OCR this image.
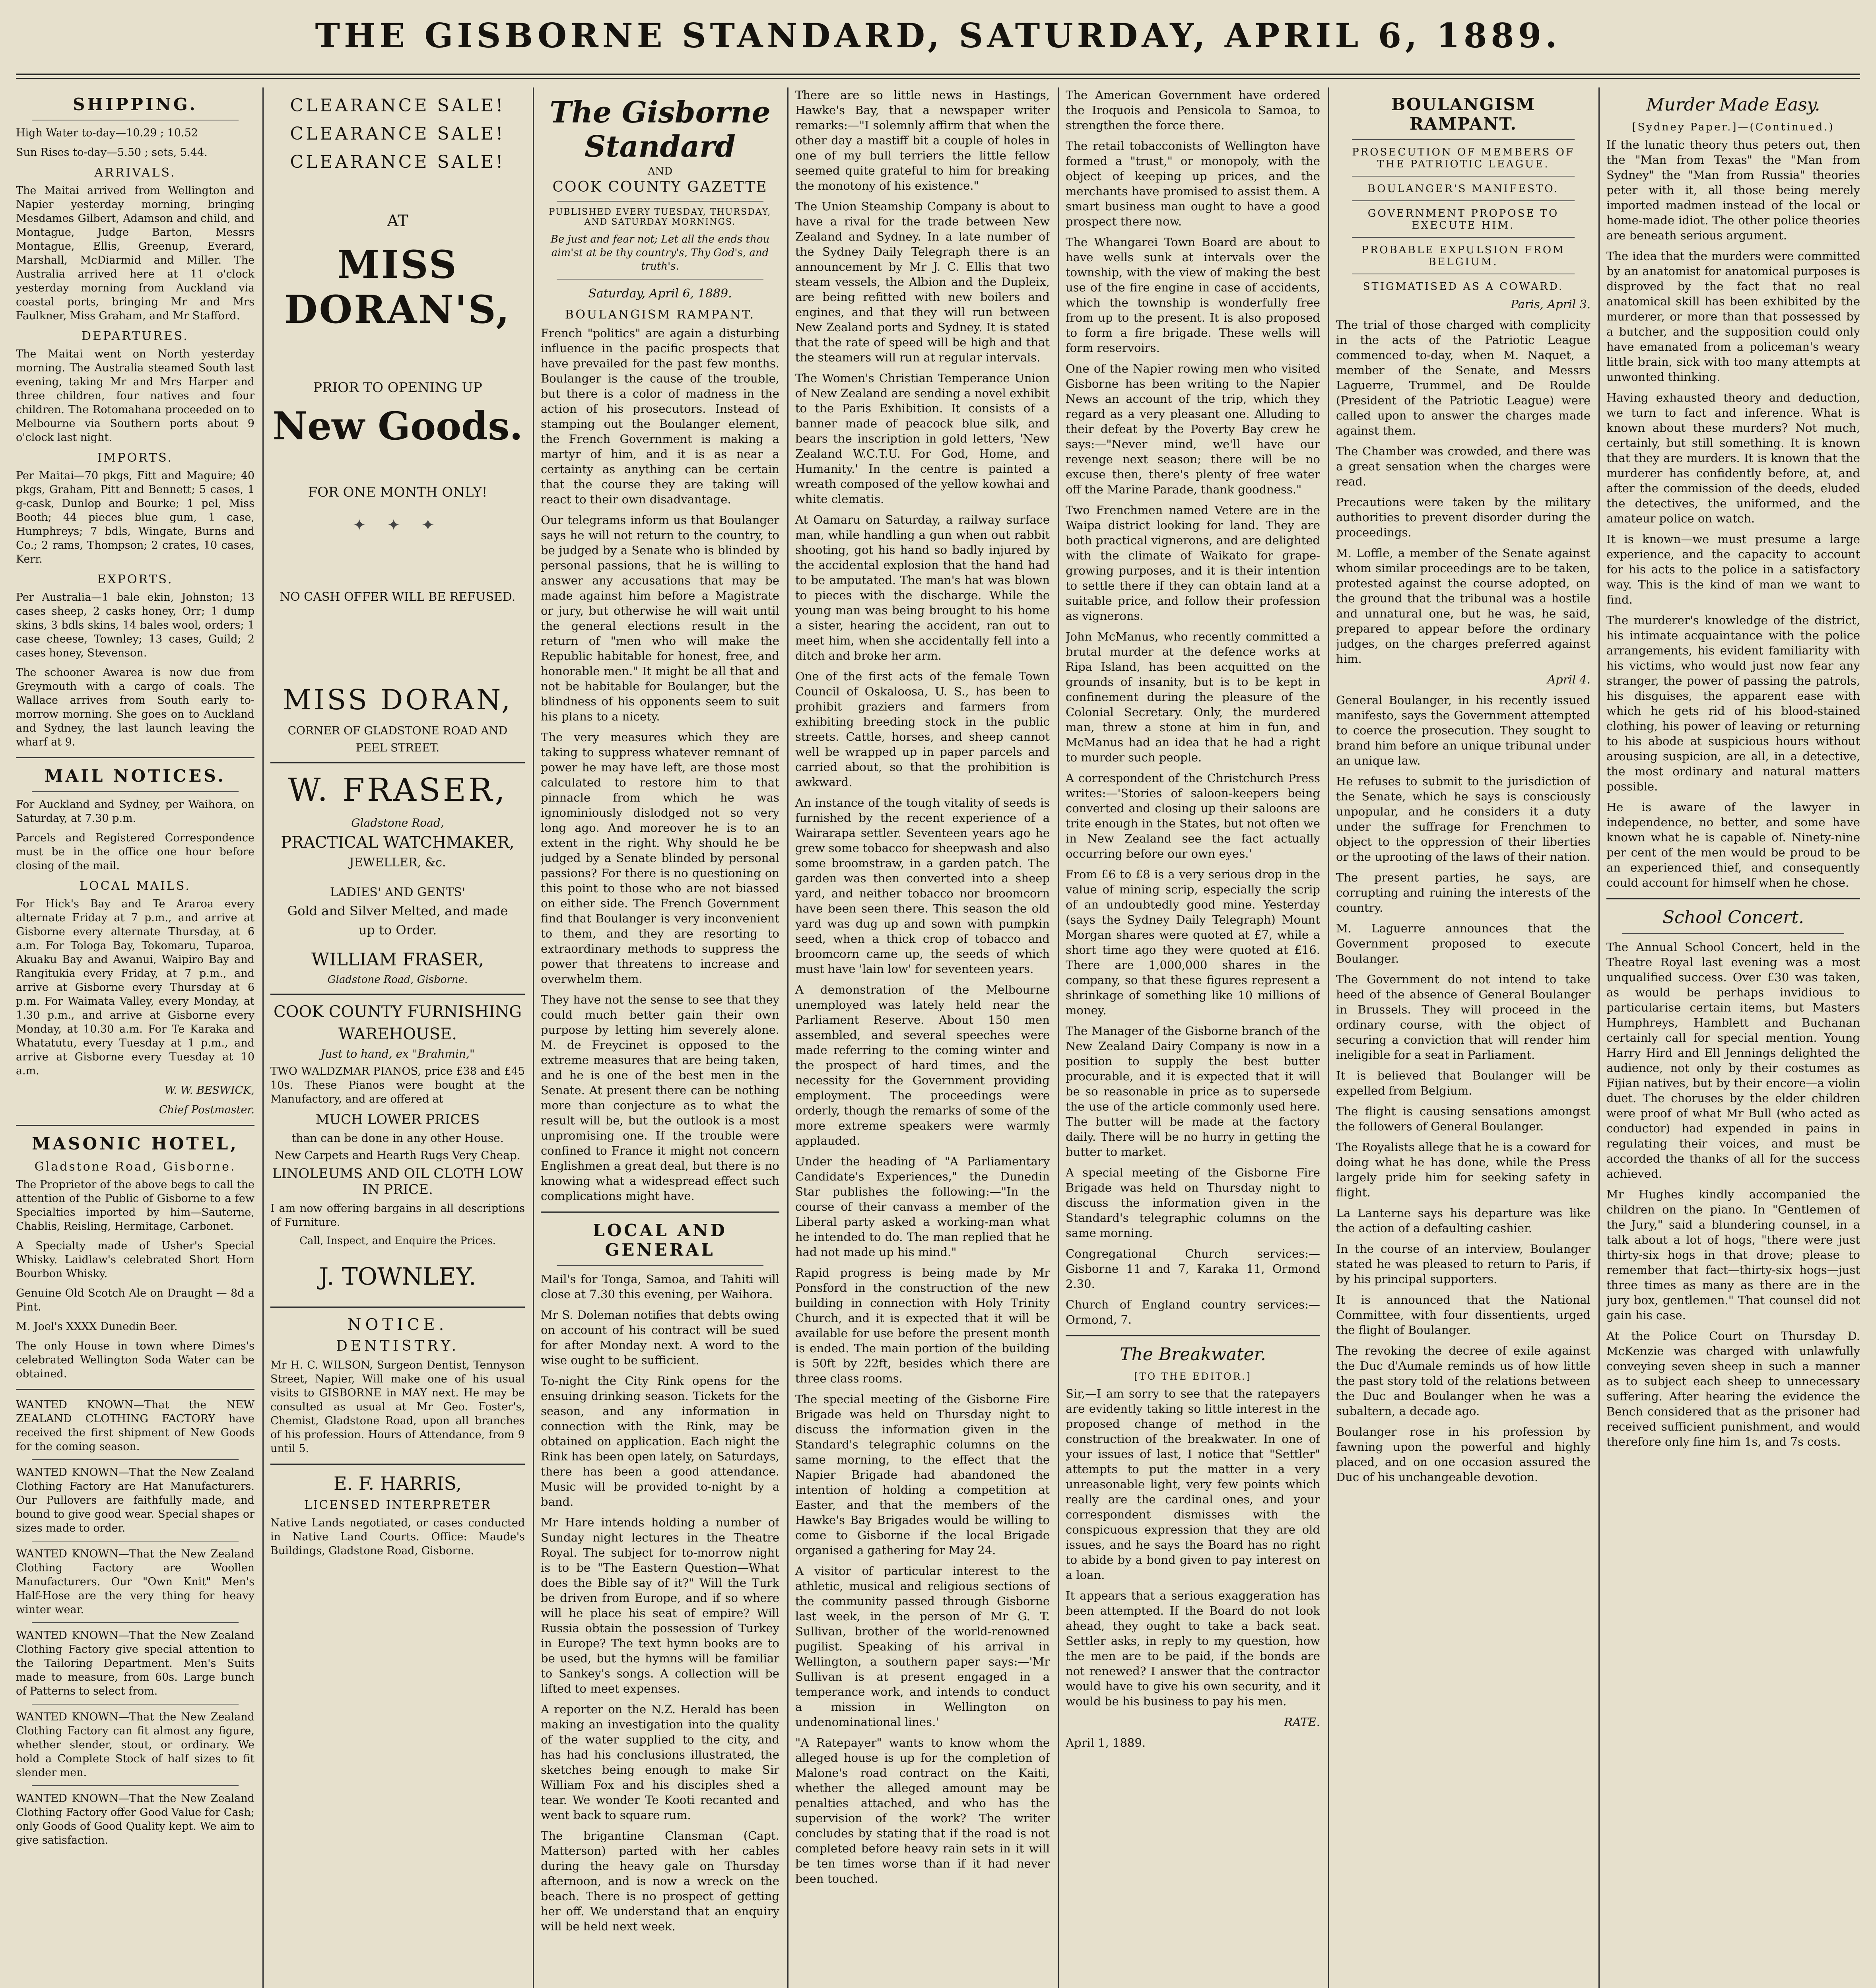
THE GISBORNE STANDARD, SATURDAY, APRIL 6, 1889.
SHIPPING.

High Water to-day—10.29 ; 10.52

Sun Rises to-day—5.50 ; sets, 5.44.

ARRIVALS.

The Maitai arrived from Wellington and Napier yesterday morning, bringing Mesdames Gilbert, Adamson and child, and Montague, Judge Barton, Messrs Montague, Ellis, Greenup, Everard, Marshall, McDiarmid and Miller. The Australia arrived here at 11 o'clock yesterday morning from Auckland via coastal ports, bringing Mr and Mrs Faulkner, Miss Graham, and Mr Stafford.

DEPARTURES.

The Maitai went on North yesterday morning. The Australia steamed South last evening, taking Mr and Mrs Harper and three children, four natives and four children. The Rotomahana proceeded on to Melbourne via Southern ports about 9 o'clock last night.

IMPORTS.

Per Maitai—70 pkgs, Fitt and Maguire; 40 pkgs, Graham, Pitt and Bennett; 5 cases, 1 g-cask, Dunlop and Bourke; 1 pel, Miss Booth; 44 pieces blue gum, 1 case, Humphreys; 7 bdls, Wingate, Burns and Co.; 2 rams, Thompson; 2 crates, 10 cases, Kerr.

EXPORTS.

Per Australia—1 bale ekin, Johnston; 13 cases sheep, 2 casks honey, Orr; 1 dump skins, 3 bdls skins, 14 bales wool, orders; 1 case cheese, Townley; 13 cases, Guild; 2 cases honey, Stevenson.

The schooner Awarea is now due from Greymouth with a cargo of coals. The Wallace arrives from South early to-morrow morning. She goes on to Auckland and Sydney, the last launch leaving the wharf at 9.

MAIL NOTICES.

For Auckland and Sydney, per Waihora, on Saturday, at 7.30 p.m.

Parcels and Registered Correspondence must be in the office one hour before closing of the mail.

LOCAL MAILS.

For Hick's Bay and Te Araroa every alternate Friday at 7 p.m., and arrive at Gisborne every alternate Thursday, at 6 a.m. For Tologa Bay, Tokomaru, Tuparoa, Akuaku Bay and Awanui, Waipiro Bay and Rangitukia every Friday, at 7 p.m., and arrive at Gisborne every Thursday at 6 p.m. For Waimata Valley, every Monday, at 1.30 p.m., and arrive at Gisborne every Monday, at 10.30 a.m. For Te Karaka and Whatatutu, every Tuesday at 1 p.m., and arrive at Gisborne every Tuesday at 10 a.m.

W. W. BESWICK,

Chief Postmaster.

MASONIC HOTEL,
Gladstone Road, Gisborne.

The Proprietor of the above begs to call the attention of the Public of Gisborne to a few Specialties imported by him—Sauterne, Chablis, Reisling, Hermitage, Carbonet.

A Specialty made of Usher's Special Whisky. Laidlaw's celebrated Short Horn Bourbon Whisky.

Genuine Old Scotch Ale on Draught — 8d a Pint.

M. Joel's XXXX Dunedin Beer.

The only House in town where Dimes's celebrated Wellington Soda Water can be obtained.

WANTED KNOWN—That the NEW ZEALAND CLOTHING FACTORY have received the first shipment of New Goods for the coming season.

WANTED KNOWN—That the New Zealand Clothing Factory are Hat Manufacturers. Our Pullovers are faithfully made, and bound to give good wear. Special shapes or sizes made to order.

WANTED KNOWN—That the New Zealand Clothing Factory are Woollen Manufacturers. Our "Own Knit" Men's Half-Hose are the very thing for heavy winter wear.

WANTED KNOWN—That the New Zealand Clothing Factory give special attention to the Tailoring Department. Men's Suits made to measure, from 60s. Large bunch of Patterns to select from.

WANTED KNOWN—That the New Zealand Clothing Factory can fit almost any figure, whether slender, stout, or ordinary. We hold a Complete Stock of half sizes to fit slender men.

WANTED KNOWN—That the New Zealand Clothing Factory offer Good Value for Cash; only Goods of Good Quality kept. We aim to give satisfaction.

CLEARANCE SALE!
CLEARANCE SALE!
CLEARANCE SALE!
AT
MISS DORAN'S,
PRIOR TO OPENING UP
New Goods.
FOR ONE MONTH ONLY!
✦ ✦ ✦
NO CASH OFFER WILL BE REFUSED.
MISS DORAN,
CORNER OF GLADSTONE ROAD AND
PEEL STREET.
W. FRASER,
Gladstone Road,
PRACTICAL WATCHMAKER,
JEWELLER, &c.
LADIES' AND GENTS'
Gold and Silver Melted, and made
up to Order.
WILLIAM FRASER,
Gladstone Road, Gisborne.
COOK COUNTY FURNISHING
WAREHOUSE.
Just to hand, ex "Brahmin,"

TWO WALDZMAR PIANOS, price £38 and £45 10s. These Pianos were bought at the Manufactory, and are offered at

MUCH LOWER PRICES
than can be done in any other House.
New Carpets and Hearth Rugs Very Cheap.
LINOLEUMS AND OIL CLOTH LOW IN PRICE.

I am now offering bargains in all descriptions of Furniture.

Call, Inspect, and Enquire the Prices.
J. TOWNLEY.
NOTICE.
DENTISTRY.

Mr H. C. WILSON, Surgeon Dentist, Tennyson Street, Napier, Will make one of his usual visits to GISBORNE in MAY next. He may be consulted as usual at Mr Geo. Foster's, Chemist, Gladstone Road, upon all branches of his profession. Hours of Attendance, from 9 until 5.

E. F. HARRIS,
LICENSED INTERPRETER

Native Lands negotiated, or cases conducted in Native Land Courts. Office: Maude's Buildings, Gladstone Road, Gisborne.

The Gisborne Standard
AND
COOK COUNTY GAZETTE
PUBLISHED EVERY TUESDAY, THURSDAY, AND SATURDAY MORNINGS.
Be just and fear not; Let all the ends thou aim'st at be thy country's, Thy God's, and truth's.
Saturday, April 6, 1889.
BOULANGISM RAMPANT.

French "politics" are again a disturbing influence in the pacific prospects that have prevailed for the past few months. Boulanger is the cause of the trouble, but there is a color of madness in the action of his prosecutors. Instead of stamping out the Boulanger element, the French Government is making a martyr of him, and it is as near a certainty as anything can be certain that the course they are taking will react to their own disadvantage.

Our telegrams inform us that Boulanger says he will not return to the country, to be judged by a Senate who is blinded by personal passions, that he is willing to answer any accusations that may be made against him before a Magistrate or jury, but otherwise he will wait until the general elections result in the return of "men who will make the Republic habitable for honest, free, and honorable men." It might be all that and not be habitable for Boulanger, but the blindness of his opponents seem to suit his plans to a nicety.

The very measures which they are taking to suppress whatever remnant of power he may have left, are those most calculated to restore him to that pinnacle from which he was ignominiously dislodged not so very long ago. And moreover he is to an extent in the right. Why should he be judged by a Senate blinded by personal passions? For there is no questioning on this point to those who are not biassed on either side. The French Government find that Boulanger is very inconvenient to them, and they are resorting to extraordinary methods to suppress the power that threatens to increase and overwhelm them.

They have not the sense to see that they could much better gain their own purpose by letting him severely alone. M. de Freycinet is opposed to the extreme measures that are being taken, and he is one of the best men in the Senate. At present there can be nothing more than conjecture as to what the result will be, but the outlook is a most unpromising one. If the trouble were confined to France it might not concern Englishmen a great deal, but there is no knowing what a widespread effect such complications might have.

LOCAL AND GENERAL

Mail's for Tonga, Samoa, and Tahiti will close at 7.30 this evening, per Waihora.

Mr S. Doleman notifies that debts owing on account of his contract will be sued for after Monday next. A word to the wise ought to be sufficient.

To-night the City Rink opens for the ensuing drinking season. Tickets for the season, and any information in connection with the Rink, may be obtained on application. Each night the Rink has been open lately, on Saturdays, there has been a good attendance. Music will be provided to-night by a band.

Mr Hare intends holding a number of Sunday night lectures in the Theatre Royal. The subject for to-morrow night is to be "The Eastern Question—What does the Bible say of it?" Will the Turk be driven from Europe, and if so where will he place his seat of empire? Will Russia obtain the possession of Turkey in Europe? The text hymn books are to be used, but the hymns will be familiar to Sankey's songs. A collection will be lifted to meet expenses.

A reporter on the N.Z. Herald has been making an investigation into the quality of the water supplied to the city, and has had his conclusions illustrated, the sketches being enough to make Sir William Fox and his disciples shed a tear. We wonder Te Kooti recanted and went back to square rum.

The brigantine Clansman (Capt. Matterson) parted with her cables during the heavy gale on Thursday afternoon, and is now a wreck on the beach. There is no prospect of getting her off. We understand that an enquiry will be held next week.

There are so little news in Hastings, Hawke's Bay, that a newspaper writer remarks:—"I solemnly affirm that when the other day a mastiff bit a couple of holes in one of my bull terriers the little fellow seemed quite grateful to him for breaking the monotony of his existence."

The Union Steamship Company is about to have a rival for the trade between New Zealand and Sydney. In a late number of the Sydney Daily Telegraph there is an announcement by Mr J. C. Ellis that two steam vessels, the Albion and the Dupleix, are being refitted with new boilers and engines, and that they will run between New Zealand ports and Sydney. It is stated that the rate of speed will be high and that the steamers will run at regular intervals.

The Women's Christian Temperance Union of New Zealand are sending a novel exhibit to the Paris Exhibition. It consists of a banner made of peacock blue silk, and bears the inscription in gold letters, 'New Zealand W.C.T.U. For God, Home, and Humanity.' In the centre is painted a wreath composed of the yellow kowhai and white clematis.

At Oamaru on Saturday, a railway surface man, while handling a gun when out rabbit shooting, got his hand so badly injured by the accidental explosion that the hand had to be amputated. The man's hat was blown to pieces with the discharge. While the young man was being brought to his home a sister, hearing the accident, ran out to meet him, when she accidentally fell into a ditch and broke her arm.

One of the first acts of the female Town Council of Oskaloosa, U. S., has been to prohibit graziers and farmers from exhibiting breeding stock in the public streets. Cattle, horses, and sheep cannot well be wrapped up in paper parcels and carried about, so that the prohibition is awkward.

An instance of the tough vitality of seeds is furnished by the recent experience of a Wairarapa settler. Seventeen years ago he grew some tobacco for sheepwash and also some broomstraw, in a garden patch. The garden was then converted into a sheep yard, and neither tobacco nor broomcorn have been seen there. This season the old yard was dug up and sown with pumpkin seed, when a thick crop of tobacco and broomcorn came up, the seeds of which must have 'lain low' for seventeen years.

A demonstration of the Melbourne unemployed was lately held near the Parliament Reserve. About 150 men assembled, and several speeches were made referring to the coming winter and the prospect of hard times, and the necessity for the Government providing employment. The proceedings were orderly, though the remarks of some of the more extreme speakers were warmly applauded.

Under the heading of "A Parliamentary Candidate's Experiences," the Dunedin Star publishes the following:—"In the course of their canvass a member of the Liberal party asked a working-man what he intended to do. The man replied that he had not made up his mind."

Rapid progress is being made by Mr Ponsford in the construction of the new building in connection with Holy Trinity Church, and it is expected that it will be available for use before the present month is ended. The main portion of the building is 50ft by 22ft, besides which there are three class rooms.

The special meeting of the Gisborne Fire Brigade was held on Thursday night to discuss the information given in the Standard's telegraphic columns on the same morning, to the effect that the Napier Brigade had abandoned the intention of holding a competition at Easter, and that the members of the Hawke's Bay Brigades would be willing to come to Gisborne if the local Brigade organised a gathering for May 24.

A visitor of particular interest to the athletic, musical and religious sections of the community passed through Gisborne last week, in the person of Mr G. T. Sullivan, brother of the world-renowned pugilist. Speaking of his arrival in Wellington, a southern paper says:—'Mr Sullivan is at present engaged in a temperance work, and intends to conduct a mission in Wellington on undenominational lines.'

"A Ratepayer" wants to know whom the alleged house is up for the completion of Malone's road contract on the Kaiti, whether the alleged amount may be penalties attached, and who has the supervision of the work? The writer concludes by stating that if the road is not completed before heavy rain sets in it will be ten times worse than if it had never been touched.

The American Government have ordered the Iroquois and Pensicola to Samoa, to strengthen the force there.

The retail tobacconists of Wellington have formed a "trust," or monopoly, with the object of keeping up prices, and the merchants have promised to assist them. A smart business man ought to have a good prospect there now.

The Whangarei Town Board are about to have wells sunk at intervals over the township, with the view of making the best use of the fire engine in case of accidents, which the township is wonderfully free from up to the present. It is also proposed to form a fire brigade. These wells will form reservoirs.

One of the Napier rowing men who visited Gisborne has been writing to the Napier News an account of the trip, which they regard as a very pleasant one. Alluding to their defeat by the Poverty Bay crew he says:—"Never mind, we'll have our revenge next season; there will be no excuse then, there's plenty of free water off the Marine Parade, thank goodness."

Two Frenchmen named Vetere are in the Waipa district looking for land. They are both practical vignerons, and are delighted with the climate of Waikato for grape-growing purposes, and it is their intention to settle there if they can obtain land at a suitable price, and follow their profession as vignerons.

John McManus, who recently committed a brutal murder at the defence works at Ripa Island, has been acquitted on the grounds of insanity, but is to be kept in confinement during the pleasure of the Colonial Secretary. Only, the murdered man, threw a stone at him in fun, and McManus had an idea that he had a right to murder such people.

A correspondent of the Christchurch Press writes:—'Stories of saloon-keepers being converted and closing up their saloons are trite enough in the States, but not often we in New Zealand see the fact actually occurring before our own eyes.'

From £6 to £8 is a very serious drop in the value of mining scrip, especially the scrip of an undoubtedly good mine. Yesterday (says the Sydney Daily Telegraph) Mount Morgan shares were quoted at £7, while a short time ago they were quoted at £16. There are 1,000,000 shares in the company, so that these figures represent a shrinkage of something like 10 millions of money.

The Manager of the Gisborne branch of the New Zealand Dairy Company is now in a position to supply the best butter procurable, and it is expected that it will be so reasonable in price as to supersede the use of the article commonly used here. The butter will be made at the factory daily. There will be no hurry in getting the butter to market.

A special meeting of the Gisborne Fire Brigade was held on Thursday night to discuss the information given in the Standard's telegraphic columns on the same morning.

Congregational Church services:—Gisborne 11 and 7, Karaka 11, Ormond 2.30.

Church of England country services:—Ormond, 7.

The Breakwater.
[TO THE EDITOR.]

Sir,—I am sorry to see that the ratepayers are evidently taking so little interest in the proposed change of method in the construction of the breakwater. In one of your issues of last, I notice that "Settler" attempts to put the matter in a very unreasonable light, very few points which really are the cardinal ones, and your correspondent dismisses with the conspicuous expression that they are old issues, and he says the Board has no right to abide by a bond given to pay interest on a loan.

It appears that a serious exaggeration has been attempted. If the Board do not look ahead, they ought to take a back seat. Settler asks, in reply to my question, how the men are to be paid, if the bonds are not renewed? I answer that the contractor would have to give his own security, and it would be his business to pay his men.

RATE.

April 1, 1889.

BOULANGISM RAMPANT.
PROSECUTION OF MEMBERS OF THE PATRIOTIC LEAGUE.
BOULANGER'S MANIFESTO.
GOVERNMENT PROPOSE TO EXECUTE HIM.
PROBABLE EXPULSION FROM BELGIUM.
STIGMATISED AS A COWARD.

Paris, April 3.

The trial of those charged with complicity in the acts of the Patriotic League commenced to-day, when M. Naquet, a member of the Senate, and Messrs Laguerre, Trummel, and De Roulde (President of the Patriotic League) were called upon to answer the charges made against them.

The Chamber was crowded, and there was a great sensation when the charges were read.

Precautions were taken by the military authorities to prevent disorder during the proceedings.

M. Loffle, a member of the Senate against whom similar proceedings are to be taken, protested against the course adopted, on the ground that the tribunal was a hostile and unnatural one, but he was, he said, prepared to appear before the ordinary judges, on the charges preferred against him.

April 4.

General Boulanger, in his recently issued manifesto, says the Government attempted to coerce the prosecution. They sought to brand him before an unique tribunal under an unique law.

He refuses to submit to the jurisdiction of the Senate, which he says is consciously unpopular, and he considers it a duty under the suffrage for Frenchmen to object to the oppression of their liberties or the uprooting of the laws of their nation.

The present parties, he says, are corrupting and ruining the interests of the country.

M. Laguerre announces that the Government proposed to execute Boulanger.

The Government do not intend to take heed of the absence of General Boulanger in Brussels. They will proceed in the ordinary course, with the object of securing a conviction that will render him ineligible for a seat in Parliament.

It is believed that Boulanger will be expelled from Belgium.

The flight is causing sensations amongst the followers of General Boulanger.

The Royalists allege that he is a coward for doing what he has done, while the Press largely pride him for seeking safety in flight.

La Lanterne says his departure was like the action of a defaulting cashier.

In the course of an interview, Boulanger stated he was pleased to return to Paris, if by his principal supporters.

It is announced that the National Committee, with four dissentients, urged the flight of Boulanger.

The revoking the decree of exile against the Duc d'Aumale reminds us of how little the past story told of the relations between the Duc and Boulanger when he was a subaltern, a decade ago.

Boulanger rose in his profession by fawning upon the powerful and highly placed, and on one occasion assured the Duc of his unchangeable devotion.

Murder Made Easy.
[Sydney Paper.]—(Continued.)

If the lunatic theory thus peters out, then the "Man from Texas" the "Man from Sydney" the "Man from Russia" theories peter with it, all those being merely imported madmen instead of the local or home-made idiot. The other police theories are beneath serious argument.

The idea that the murders were committed by an anatomist for anatomical purposes is disproved by the fact that no real anatomical skill has been exhibited by the murderer, or more than that possessed by a butcher, and the supposition could only have emanated from a policeman's weary little brain, sick with too many attempts at unwonted thinking.

Having exhausted theory and deduction, we turn to fact and inference. What is known about these murders? Not much, certainly, but still something. It is known that they are murders. It is known that the murderer has confidently before, at, and after the commission of the deeds, eluded the detectives, the uniformed, and the amateur police on watch.

It is known—we must presume a large experience, and the capacity to account for his acts to the police in a satisfactory way. This is the kind of man we want to find.

The murderer's knowledge of the district, his intimate acquaintance with the police arrangements, his evident familiarity with his victims, who would just now fear any stranger, the power of passing the patrols, his disguises, the apparent ease with which he gets rid of his blood-stained clothing, his power of leaving or returning to his abode at suspicious hours without arousing suspicion, are all, in a detective, the most ordinary and natural matters possible.

He is aware of the lawyer in independence, no better, and some have known what he is capable of. Ninety-nine per cent of the men would be proud to be an experienced thief, and consequently could account for himself when he chose.

School Concert.

The Annual School Concert, held in the Theatre Royal last evening was a most unqualified success. Over £30 was taken, as would be perhaps invidious to particularise certain items, but Masters Humphreys, Hamblett and Buchanan certainly call for special mention. Young Harry Hird and Ell Jennings delighted the audience, not only by their costumes as Fijian natives, but by their encore—a violin duet. The choruses by the elder children were proof of what Mr Bull (who acted as conductor) had expended in pains in regulating their voices, and must be accorded the thanks of all for the success achieved.

Mr Hughes kindly accompanied the children on the piano. In "Gentlemen of the Jury," said a blundering counsel, in a talk about a lot of hogs, "there were just thirty-six hogs in that drove; please to remember that fact—thirty-six hogs—just three times as many as there are in the jury box, gentlemen." That counsel did not gain his case.

At the Police Court on Thursday D. McKenzie was charged with unlawfully conveying seven sheep in such a manner as to subject each sheep to unnecessary suffering. After hearing the evidence the Bench considered that as the prisoner had received sufficient punishment, and would therefore only fine him 1s, and 7s costs.
